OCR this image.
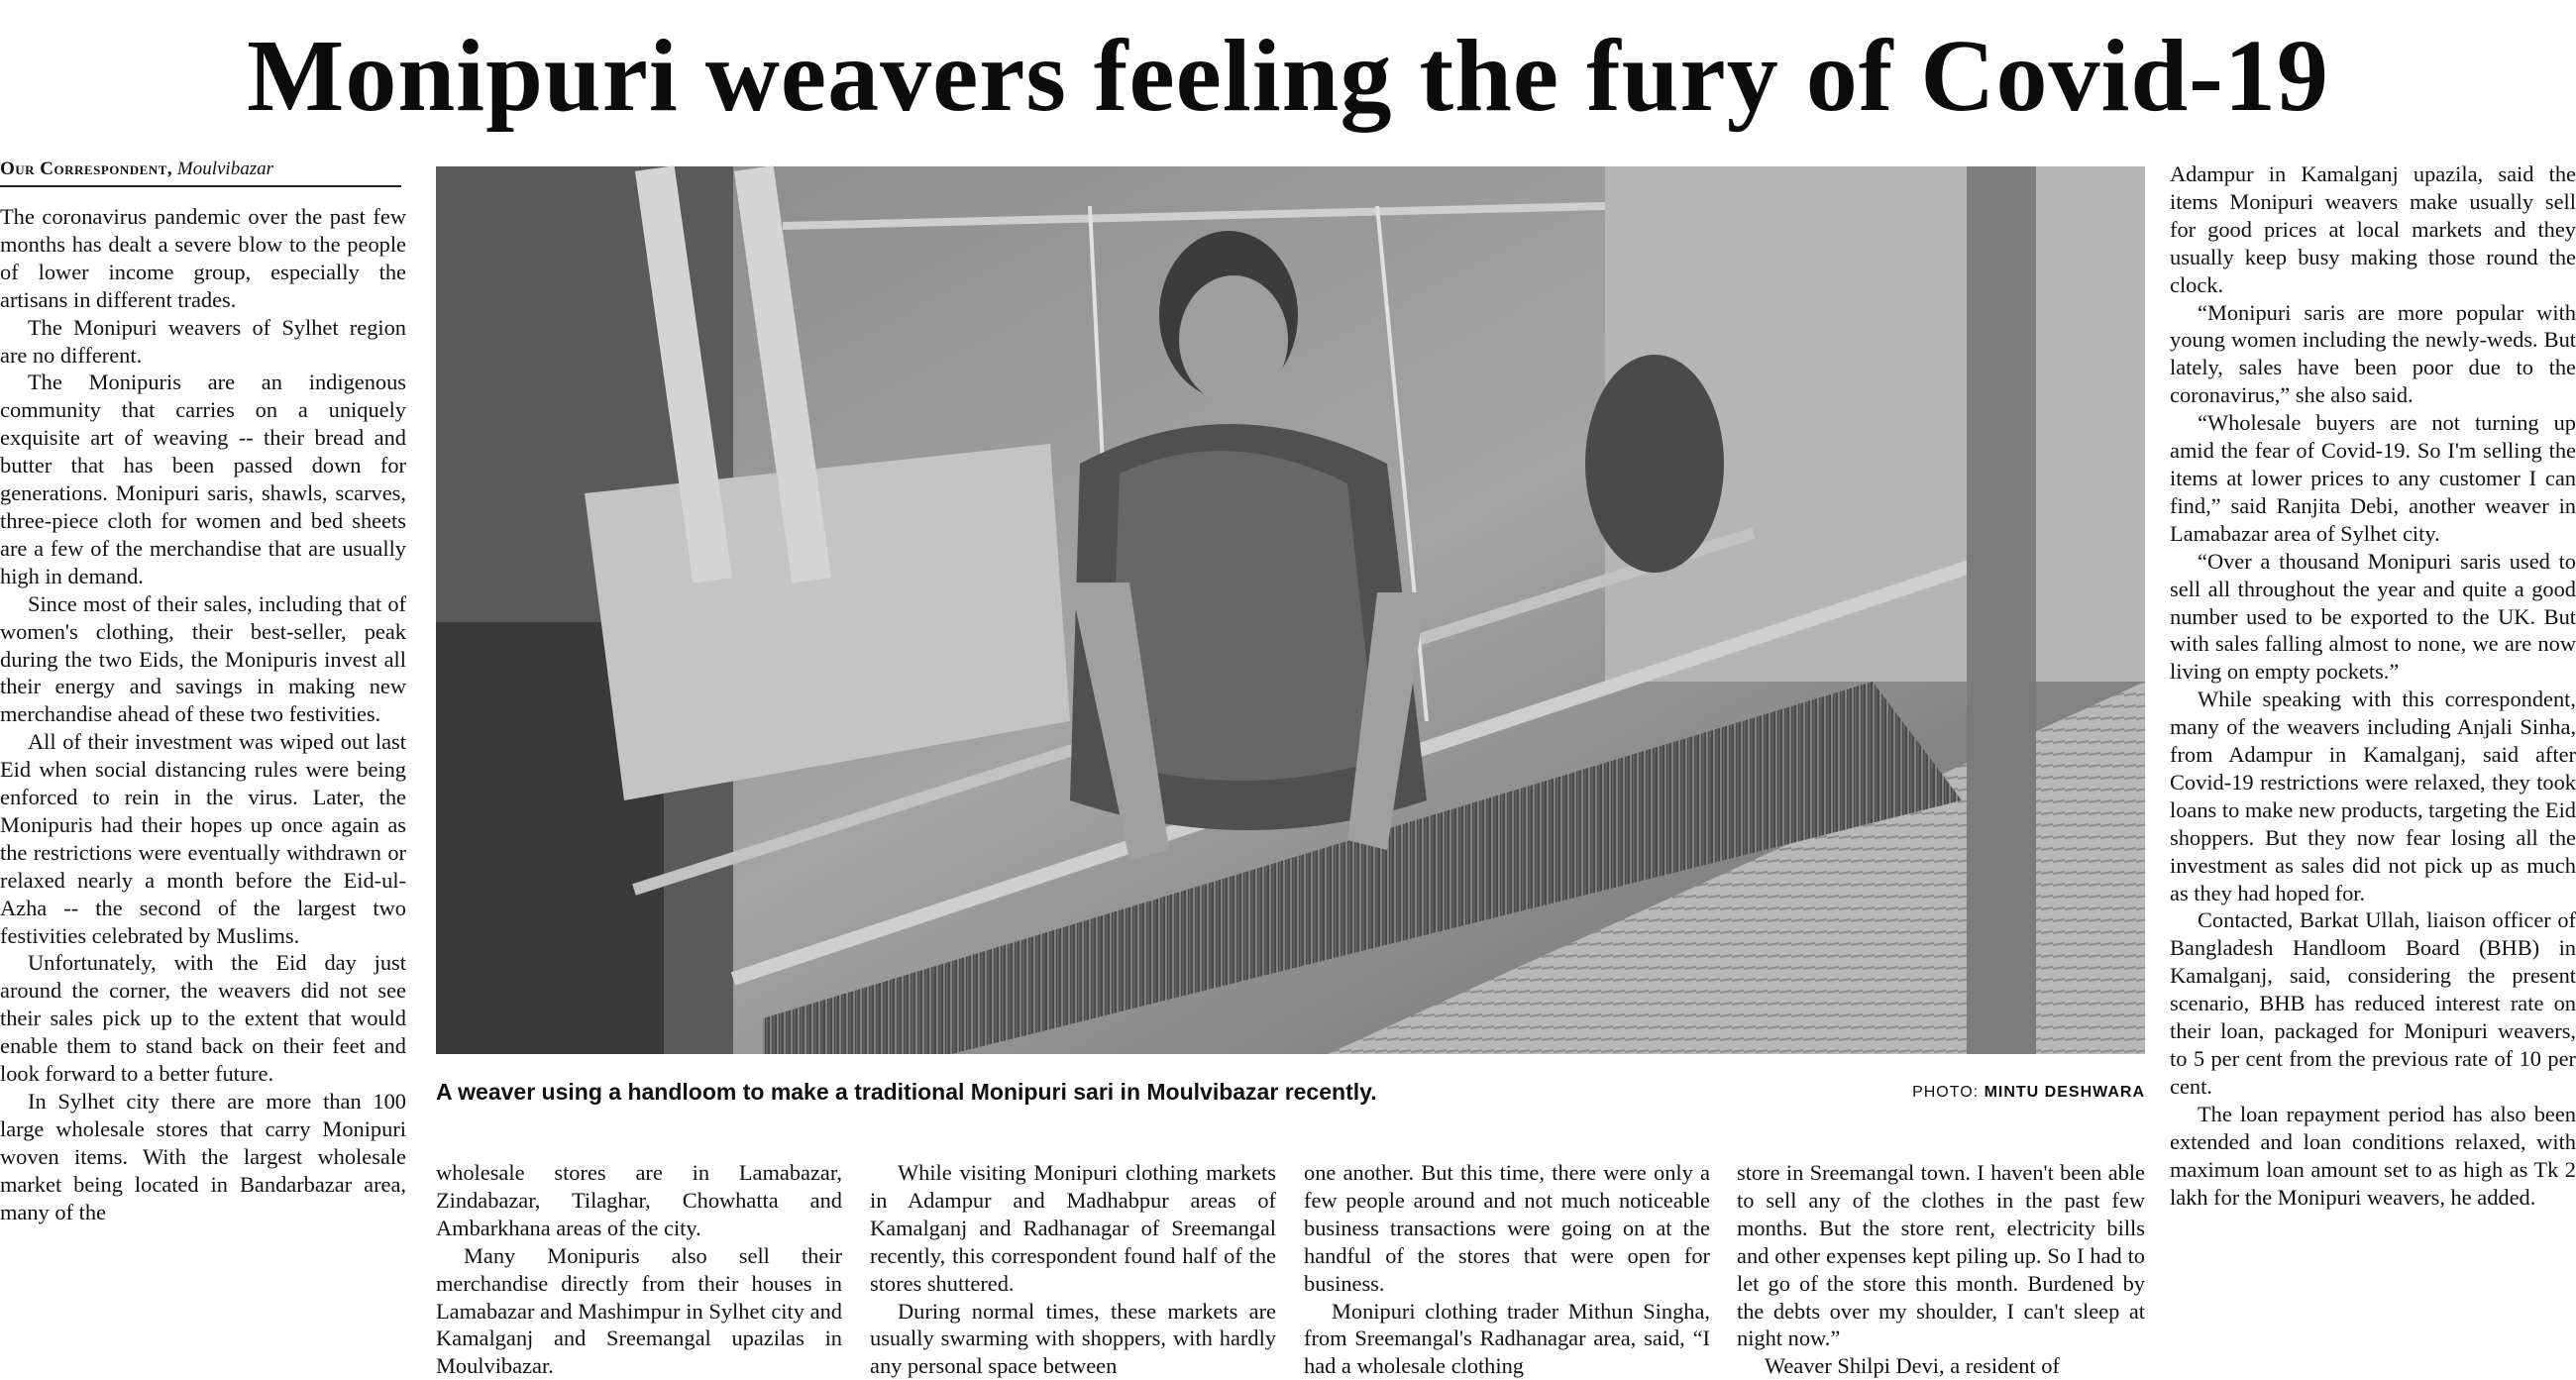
Monipuri weavers feeling the fury of Covid-19
Our Correspondent, Moulvibazar

The coronavirus pandemic over the past few months has dealt a severe blow to the people of lower income group, especially the artisans in different trades.

The Monipuri weavers of Sylhet region are no different.

The Monipuris are an indigenous community that carries on a uniquely exquisite art of weaving -- their bread and butter that has been passed down for generations. Monipuri saris, shawls, scarves, three-piece cloth for women and bed sheets are a few of the merchandise that are usually high in demand.

Since most of their sales, including that of women's clothing, their best-seller, peak during the two Eids, the Monipuris invest all their energy and savings in making new merchandise ahead of these two festivities.

All of their investment was wiped out last Eid when social distancing rules were being enforced to rein in the virus. Later, the Monipuris had their hopes up once again as the restrictions were eventually withdrawn or relaxed nearly a month before the Eid-ul-Azha -- the second of the largest two festivities celebrated by Muslims.

Unfortunately, with the Eid day just around the corner, the weavers did not see their sales pick up to the extent that would enable them to stand back on their feet and look forward to a better future.

In Sylhet city there are more than 100 large wholesale stores that carry Monipuri woven items. With the largest wholesale market being located in Bandarbazar area, many of the

A weaver using a handloom to make a traditional Monipuri sari in Moulvibazar recently.	PHOTO: MINTU DESHWARA

wholesale stores are in Lamabazar, Zindabazar, Tilaghar, Chowhatta and Ambarkhana areas of the city.

Many Monipuris also sell their merchandise directly from their houses in Lamabazar and Mashimpur in Sylhet city and Kamalganj and Sreemangal upazilas in Moulvibazar.

While visiting Monipuri clothing markets in Adampur and Madhabpur areas of Kamalganj and Radhanagar of Sreemangal recently, this correspondent found half of the stores shuttered.

During normal times, these markets are usually swarming with shoppers, with hardly any personal space between

one another. But this time, there were only a few people around and not much noticeable business transactions were going on at the handful of the stores that were open for business.

Monipuri clothing trader Mithun Singha, from Sreemangal's Radhanagar area, said, “I had a wholesale clothing

store in Sreemangal town. I haven't been able to sell any of the clothes in the past few months. But the store rent, electricity bills and other expenses kept piling up. So I had to let go of the store this month. Burdened by the debts over my shoulder, I can't sleep at night now.”

Weaver Shilpi Devi, a resident of

Adampur in Kamalganj upazila, said the items Monipuri weavers make usually sell for good prices at local markets and they usually keep busy making those round the clock.

“Monipuri saris are more popular with young women including the newly-weds. But lately, sales have been poor due to the coronavirus,” she also said.

“Wholesale buyers are not turning up amid the fear of Covid-19. So I'm selling the items at lower prices to any customer I can find,” said Ranjita Debi, another weaver in Lamabazar area of Sylhet city.

“Over a thousand Monipuri saris used to sell all throughout the year and quite a good number used to be exported to the UK. But with sales falling almost to none, we are now living on empty pockets.”

While speaking with this correspondent, many of the weavers including Anjali Sinha, from Adampur in Kamalganj, said after Covid-19 restrictions were relaxed, they took loans to make new products, targeting the Eid shoppers. But they now fear losing all the investment as sales did not pick up as much as they had hoped for.

Contacted, Barkat Ullah, liaison officer of Bangladesh Handloom Board (BHB) in Kamalganj, said, considering the present scenario, BHB has reduced interest rate on their loan, packaged for Monipuri weavers, to 5 per cent from the previous rate of 10 per cent.

The loan repayment period has also been extended and loan conditions relaxed, with maximum loan amount set to as high as Tk 2 lakh for the Monipuri weavers, he added.
